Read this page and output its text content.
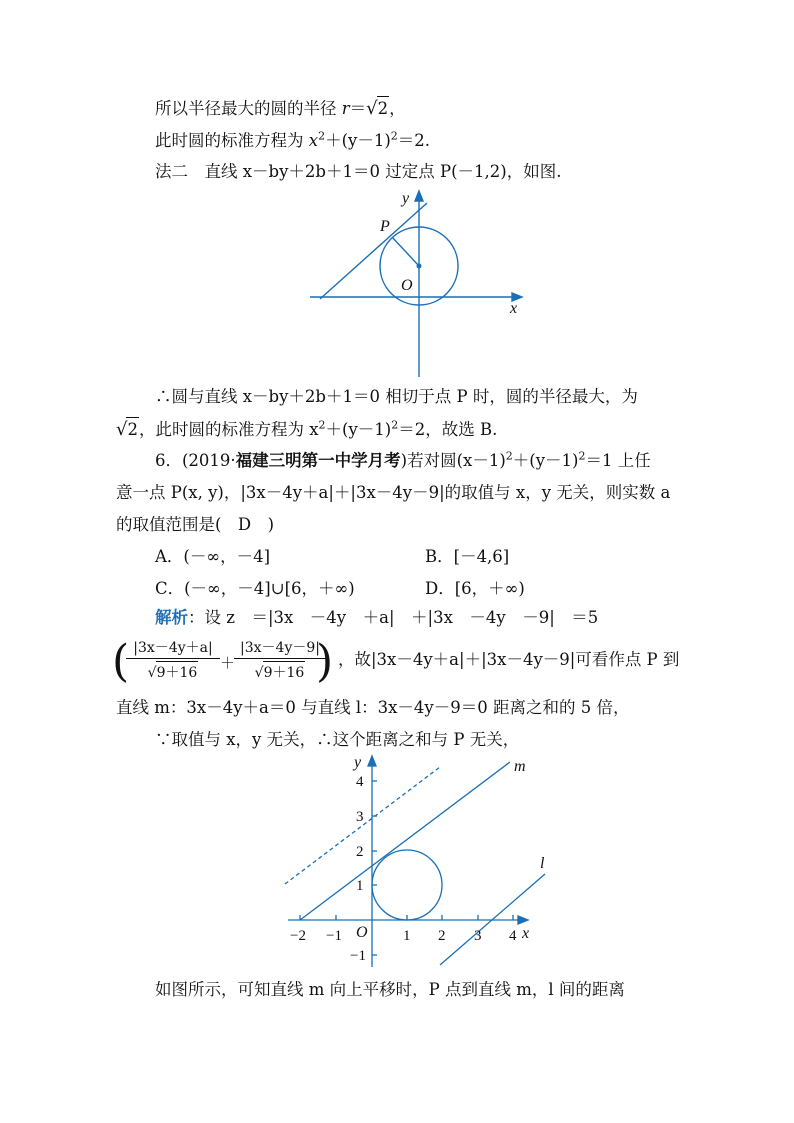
所以半径最大的圆的半径 r＝√2，
此时圆的标准方程为 $x^2+(y-1)^2=2$.
法二　直线 x－by＋2b＋1＝0 过定点 P(－1,2)，如图.
y
x
P
O
∴圆与直线 x－by＋2b＋1＝0 相切于点 P 时，圆的半径最大，为
√2，此时圆的标准方程为 $x^2+(y-1)^2=2$，故选 B.
6．(2019·福建三明第一中学月考)若对圆$(x-1)^2+(y-1)^2=1$ 上任
意一点 P(x, y)，|3x－4y＋a|＋|3x－4y－9|的取值与 x，y 无关，则实数 a
的取值范围是(　D　)
A．(－∞，－4]	B．[－4,6]
C．(－∞，－4]∪[6，＋∞)	D．[6，＋∞)
解析：设 z　＝|3x　－4y　＋a|　＋|3x　－4y　－9|　＝5
(
$\frac{|3x-4y+a|}{√9+16}$ ＋
$\frac{|3x-4y-9|}{√9+16}$
) ，故|3x－4y＋a|＋|3x－4y－9|可看作点 P 到
直线 m：3x－4y＋a＝0 与直线 l：3x－4y－9＝0 距离之和的 5 倍，
∵取值与 x，y 无关，∴这个距离之和与 P 无关，
y
x
O
m
l
−2 −1	1 2 3 4
4
3
2
1
−1
如图所示，可知直线 m 向上平移时，P 点到直线 m，l 间的距离
